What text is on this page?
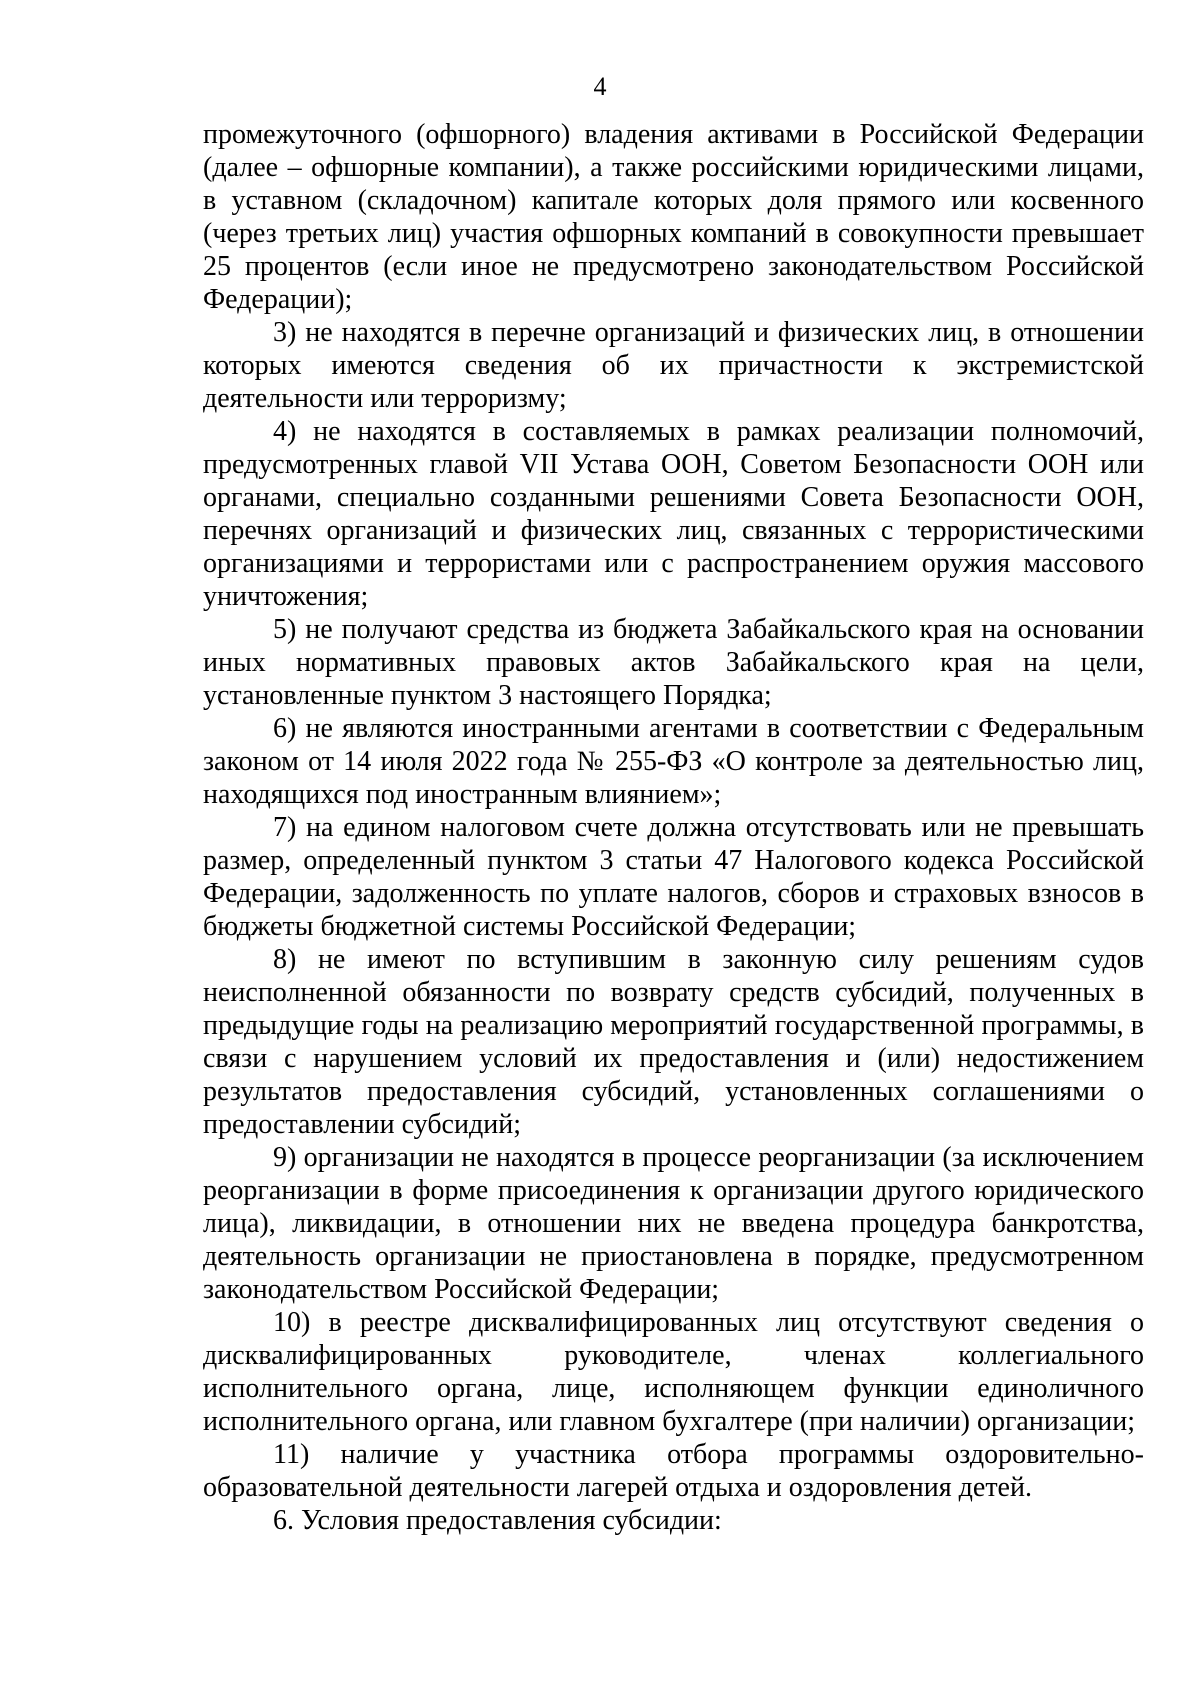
4

промежуточного (офшорного) владения активами в Российской Федерации (далее – офшорные компании), а также российскими юридическими лицами, в уставном (складочном) капитале которых доля прямого или косвенного (через третьих лиц) участия офшорных компаний в совокупности превышает 25 процентов (если иное не предусмотрено законодательством Российской Федерации);

3) не находятся в перечне организаций и физических лиц, в отношении которых имеются сведения об их причастности к экстремистской деятельности или терроризму;

4) не находятся в составляемых в рамках реализации полномочий, предусмотренных главой VII Устава ООН, Советом Безопасности ООН или органами, специально созданными решениями Совета Безопасности ООН, перечнях организаций и физических лиц, связанных с террористическими организациями и террористами или с распространением оружия массового уничтожения;

5) не получают средства из бюджета Забайкальского края на основании иных нормативных правовых актов Забайкальского края на цели, установленные пунктом 3 настоящего Порядка;

6) не являются иностранными агентами в соответствии с Федеральным законом от 14 июля 2022 года № 255-ФЗ «О контроле за деятельностью лиц, находящихся под иностранным влиянием»;

7) на едином налоговом счете должна отсутствовать или не превышать размер, определенный пунктом 3 статьи 47 Налогового кодекса Российской Федерации, задолженность по уплате налогов, сборов и страховых взносов в бюджеты бюджетной системы Российской Федерации;

8) не имеют по вступившим в законную силу решениям судов неисполненной обязанности по возврату средств субсидий, полученных в предыдущие годы на реализацию мероприятий государственной программы, в связи с нарушением условий их предоставления и (или) недостижением результатов предоставления субсидий, установленных соглашениями о предоставлении субсидий;

9) организации не находятся в процессе реорганизации (за исключением реорганизации в форме присоединения к организации другого юридического лица), ликвидации, в отношении них не введена процедура банкротства, деятельность организации не приостановлена в порядке, предусмотренном законодательством Российской Федерации;

10) в реестре дисквалифицированных лиц отсутствуют сведения о дисквалифицированных руководителе, членах коллегиального исполнительного органа, лице, исполняющем функции единоличного исполнительного органа, или главном бухгалтере (при наличии) организации;

11) наличие у участника отбора программы оздоровительно-образовательной деятельности лагерей отдыха и оздоровления детей.

6. Условия предоставления субсидии:
